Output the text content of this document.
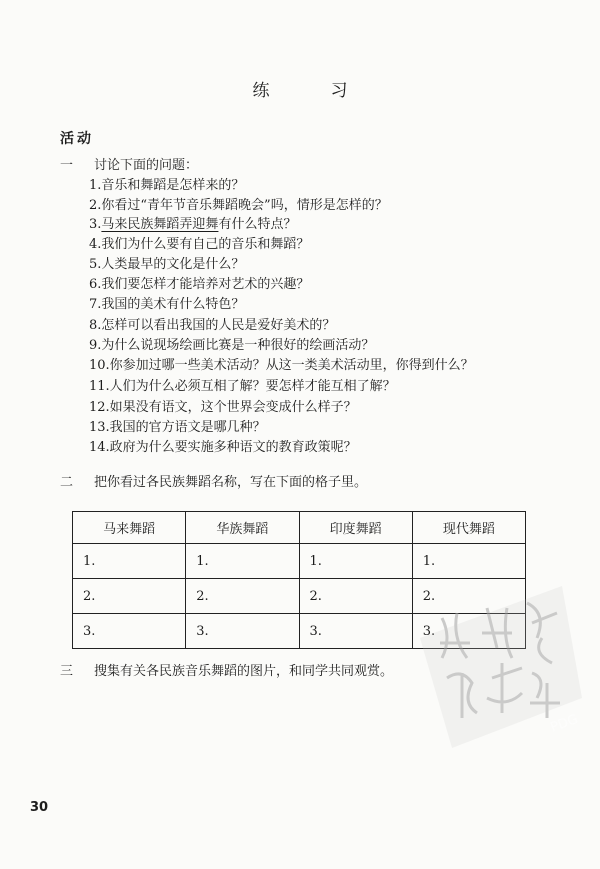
练　习
活动
一 讨论下面的问题：
1.音乐和舞蹈是怎样来的？
2.你看过“青年节音乐舞蹈晚会”吗，情形是怎样的？
3.马来民族舞蹈弄迎舞有什么特点？
4.我们为什么要有自己的音乐和舞蹈？
5.人类最早的文化是什么？
6.我们要怎样才能培养对艺术的兴趣？
7.我国的美术有什么特色？
8.怎样可以看出我国的人民是爱好美术的？
9.为什么说现场绘画比赛是一种很好的绘画活动？
10.你参加过哪一些美术活动？从这一类美术活动里，你得到什么？
11.人们为什么必须互相了解？要怎样才能互相了解？
12.如果没有语文，这个世界会变成什么样子？
13.我国的官方语文是哪几种？
14.政府为什么要实施多种语文的教育政策呢？
二 把你看过各民族舞蹈名称，写在下面的格子里。
马来舞蹈	华族舞蹈	印度舞蹈	现代舞蹈
1.	1.	1.	1.
2.	2.	2.	2.
3.	3.	3.	3.
三 搜集有关各民族音乐舞蹈的图片，和同学共同观赏。
PDG
30
